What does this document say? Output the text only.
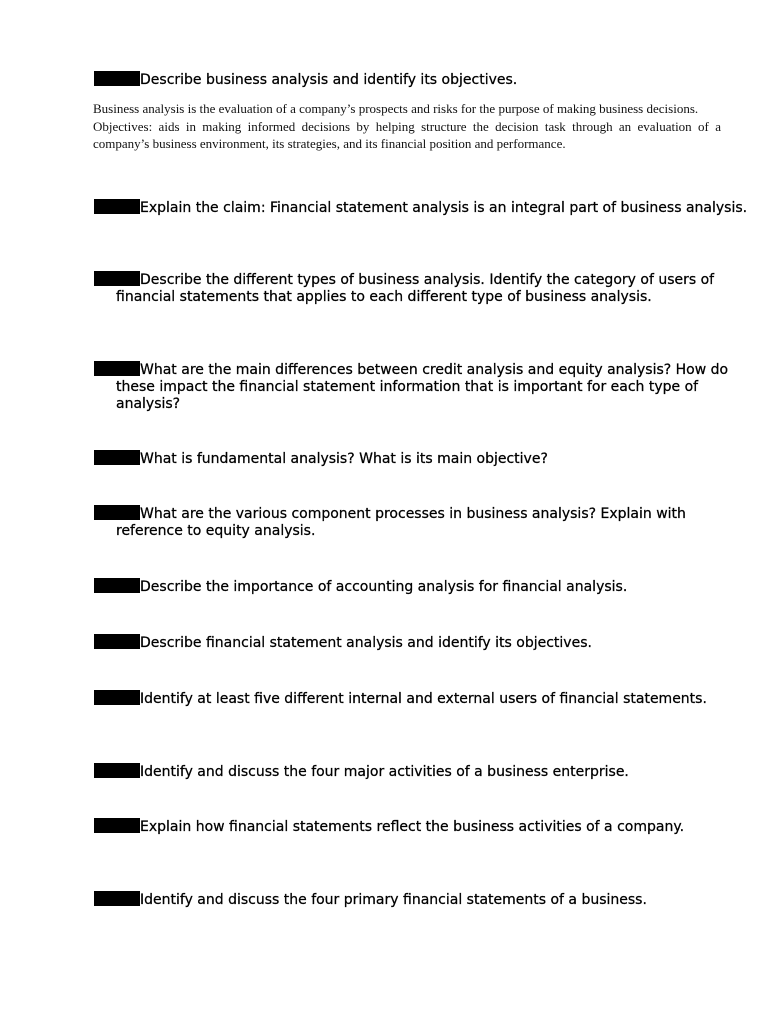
Describe business analysis and identify its objectives.

Business analysis is the evaluation of a company’s prospects and risks for the purpose of making business decisions.

Objectives: aids in making informed decisions by helping structure the decision task through an evaluation of a company’s business environment, its strategies, and its financial position and performance.

Explain the claim: Financial statement analysis is an integral part of business analysis.
Describe the different types of business analysis. Identify the category of users of financial statements that applies to each different type of business analysis.
What are the main differences between credit analysis and equity analysis? How do these impact the financial statement information that is important for each type of analysis?
What is fundamental analysis? What is its main objective?
What are the various component processes in business analysis? Explain with reference to equity analysis.
Describe the importance of accounting analysis for financial analysis.
Describe financial statement analysis and identify its objectives.
Identify at least five different internal and external users of financial statements.
Identify and discuss the four major activities of a business enterprise.
Explain how financial statements reflect the business activities of a company.
Identify and discuss the four primary financial statements of a business.
